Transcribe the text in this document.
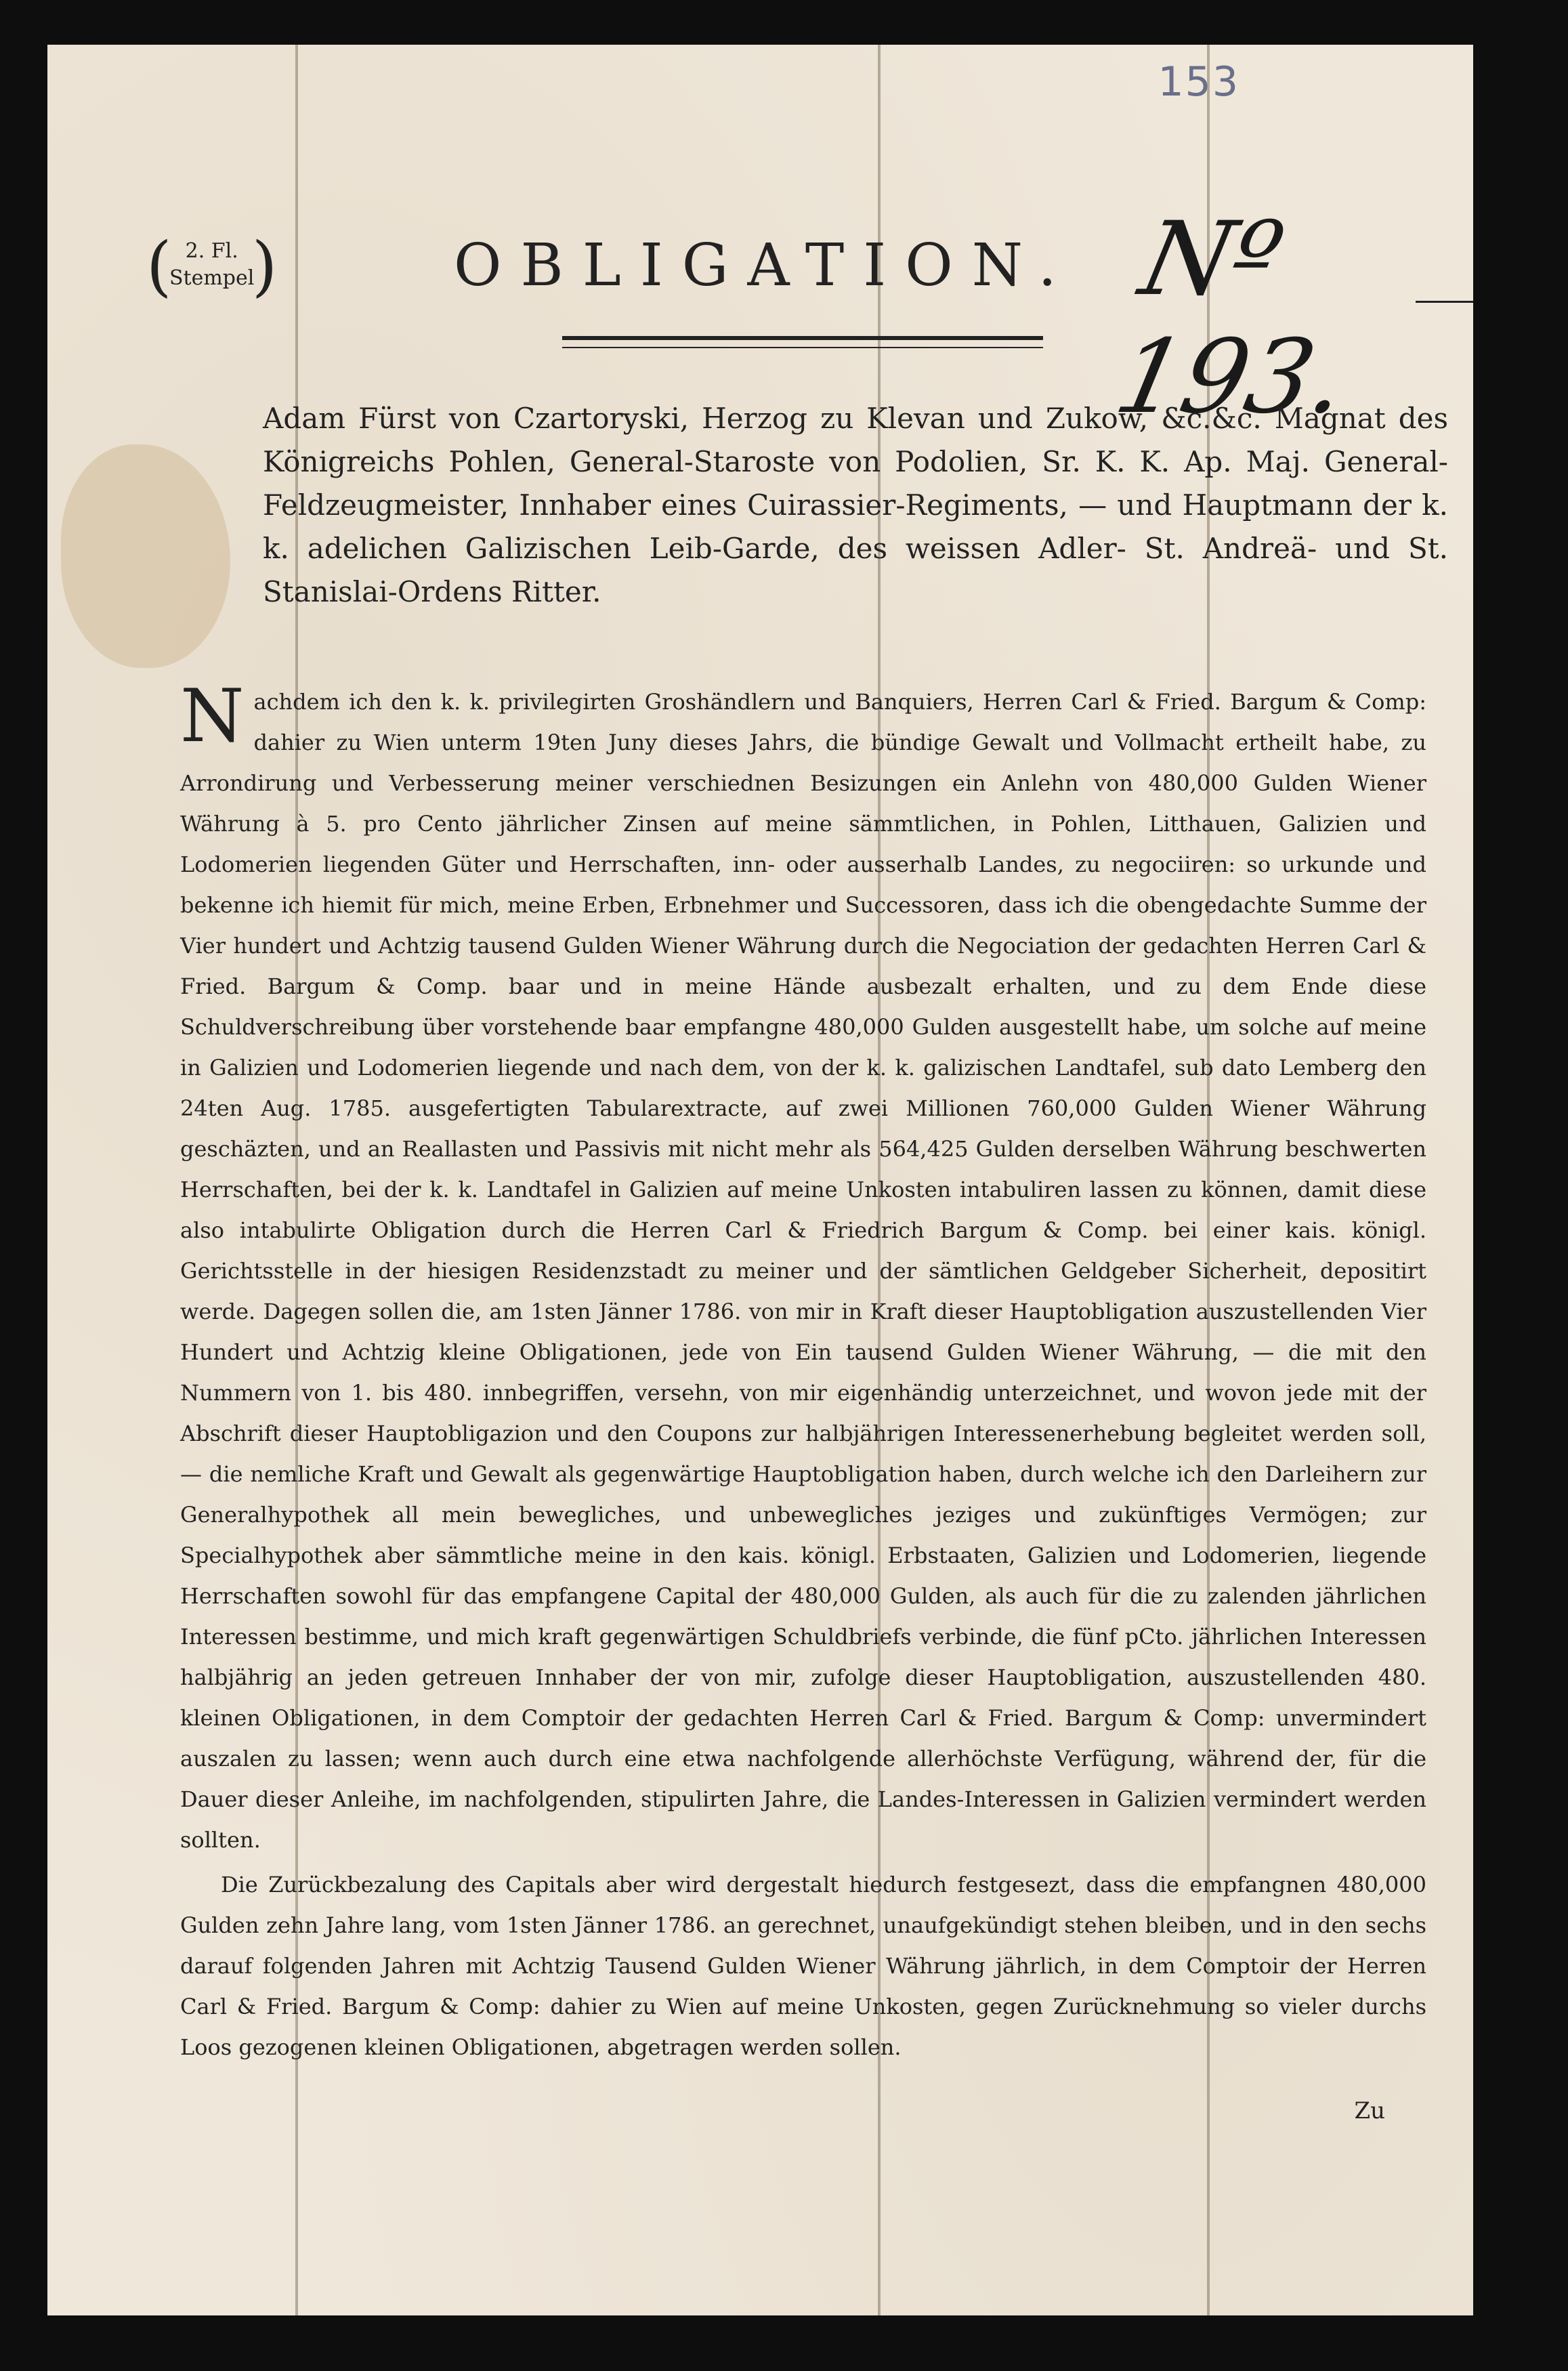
153
( 2. Fl.
Stempel
)	OBLIGATION. Nº 193.
Adam Fürst von Czartoryski, Herzog zu Klevan und Zukow, &c.&c. Magnat des Königreichs Pohlen, General-Staroste von Podolien, Sr. K. K. Ap. Maj. General-Feldzeugmeister, Innhaber eines Cuirassier-Regiments, — und Hauptmann der k. k. adelichen Galizischen Leib-Garde, des weissen Adler- St. Andreä- und St. Stanislai-Ordens Ritter.

Nachdem ich den k. k. privilegirten Groshändlern und Banquiers, Herren Carl & Fried. Bargum & Comp: dahier zu Wien unterm 19ten Juny dieses Jahrs, die bündige Gewalt und Vollmacht ertheilt habe, zu Arrondirung und Verbesserung meiner verschiednen Besizungen ein Anlehn von 480,000 Gulden Wiener Währung à 5. pro Cento jährlicher Zinsen auf meine sämmtlichen, in Pohlen, Litthauen, Galizien und Lodomerien liegenden Güter und Herrschaften, inn- oder ausserhalb Landes, zu negociiren: so urkunde und bekenne ich hiemit für mich, meine Erben, Erbnehmer und Successoren, dass ich die obengedachte Summe der Vier hundert und Achtzig tausend Gulden Wiener Währung durch die Negociation der gedachten Herren Carl & Fried. Bargum & Comp. baar und in meine Hände ausbezalt erhalten, und zu dem Ende diese Schuldverschreibung über vorstehende baar empfangne 480,000 Gulden ausgestellt habe, um solche auf meine in Galizien und Lodomerien liegende und nach dem, von der k. k. galizischen Landtafel, sub dato Lemberg den 24ten Aug. 1785. ausgefertigten Tabularextracte, auf zwei Millionen 760,000 Gulden Wiener Währung geschäzten, und an Reallasten und Passivis mit nicht mehr als 564,425 Gulden derselben Währung beschwerten Herrschaften, bei der k. k. Landtafel in Galizien auf meine Unkosten intabuliren lassen zu können, damit diese also intabulirte Obligation durch die Herren Carl & Friedrich Bargum & Comp. bei einer kais. königl. Gerichtsstelle in der hiesigen Residenzstadt zu meiner und der sämtlichen Geldgeber Sicherheit, depositirt werde. Dagegen sollen die, am 1sten Jänner 1786. von mir in Kraft dieser Hauptobligation auszustellenden Vier Hundert und Achtzig kleine Obligationen, jede von Ein tausend Gulden Wiener Währung, — die mit den Nummern von 1. bis 480. innbegriffen, versehn, von mir eigenhändig unterzeichnet, und wovon jede mit der Abschrift dieser Hauptobligazion und den Coupons zur halbjährigen Interessenerhebung begleitet werden soll, — die nemliche Kraft und Gewalt als gegenwärtige Hauptobligation haben, durch welche ich den Darleihern zur Generalhypothek all mein bewegliches, und unbewegliches jeziges und zukünftiges Vermögen; zur Specialhypothek aber sämmtliche meine in den kais. königl. Erbstaaten, Galizien und Lodomerien, liegende Herrschaften sowohl für das empfangene Capital der 480,000 Gulden, als auch für die zu zalenden jährlichen Interessen bestimme, und mich kraft gegenwärtigen Schuldbriefs verbinde, die fünf pCto. jährlichen Interessen halbjährig an jeden getreuen Innhaber der von mir, zufolge dieser Hauptobligation, auszustellenden 480. kleinen Obligationen, in dem Comptoir der gedachten Herren Carl & Fried. Bargum & Comp: unvermindert auszalen zu lassen; wenn auch durch eine etwa nachfolgende allerhöchste Verfügung, während der, für die Dauer dieser Anleihe, im nachfolgenden, stipulirten Jahre, die Landes-Interessen in Galizien vermindert werden sollten.

Die Zurückbezalung des Capitals aber wird dergestalt hiedurch festgesezt, dass die empfangnen 480,000 Gulden zehn Jahre lang, vom 1sten Jänner 1786. an gerechnet, unaufgekündigt stehen bleiben, und in den sechs darauf folgenden Jahren mit Achtzig Tausend Gulden Wiener Währung jährlich, in dem Comptoir der Herren Carl & Fried. Bargum & Comp: dahier zu Wien auf meine Unkosten, gegen Zurücknehmung so vieler durchs Loos gezogenen kleinen Obligationen, abgetragen werden sollen.

Zu
